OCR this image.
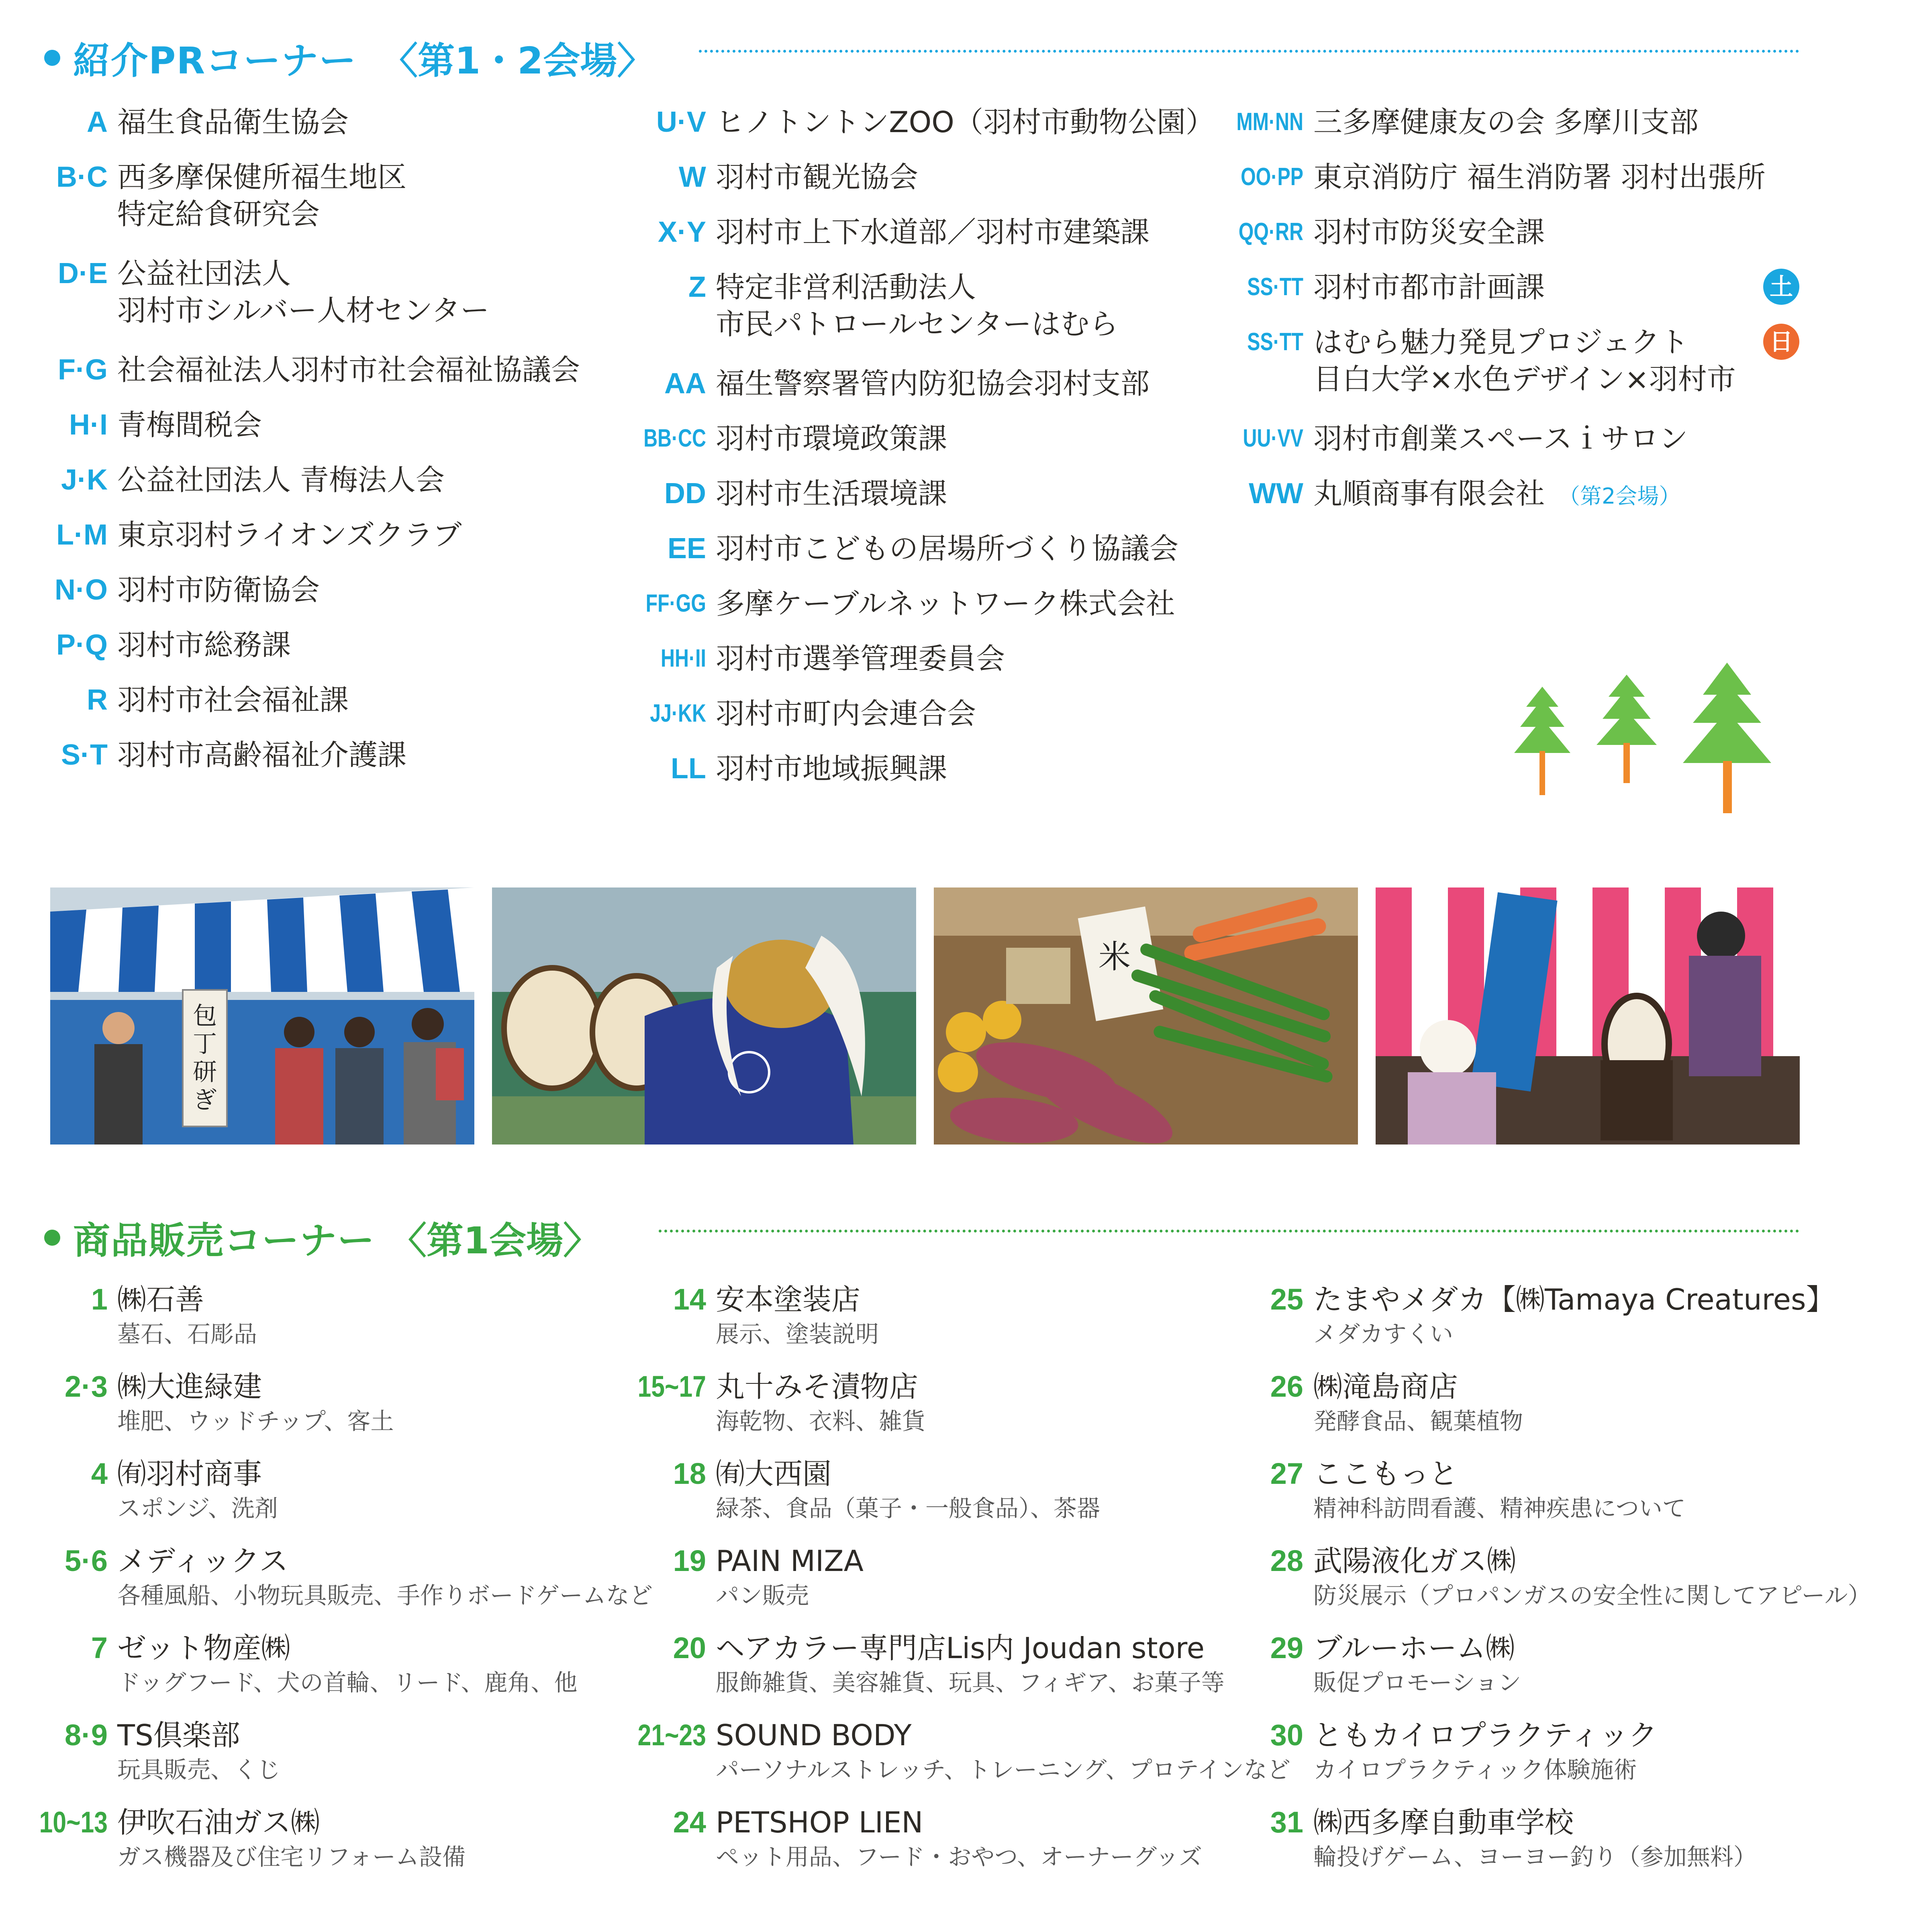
紹介PRコーナー 〈第1・2会場〉
A 福生食品衛生協会
B·C 西多摩保健所福生地区
特定給食研究会
D·E 公益社団法人
羽村市シルバー人材センター
F·G 社会福祉法人羽村市社会福祉協議会
H·I 青梅間税会
J·K 公益社団法人 青梅法人会
L·M 東京羽村ライオンズクラブ
N·O 羽村市防衛協会
P·Q 羽村市総務課
R 羽村市社会福祉課
S·T 羽村市高齢福祉介護課
U·V ヒノトントンZOO（羽村市動物公園）
W 羽村市観光協会
X·Y 羽村市上下水道部／羽村市建築課
Z 特定非営利活動法人
市民パトロールセンターはむら
AA 福生警察署管内防犯協会羽村支部
BB·CC 羽村市環境政策課
DD 羽村市生活環境課
EE 羽村市こどもの居場所づくり協議会
FF·GG 多摩ケーブルネットワーク株式会社
HH·II 羽村市選挙管理委員会
JJ·KK 羽村市町内会連合会
LL 羽村市地域振興課
MM·NN 三多摩健康友の会 多摩川支部
OO·PP 東京消防庁 福生消防署 羽村出張所
QQ·RR 羽村市防災安全課
SS·TT 羽村市都市計画課	土
SS·TT はむら魅力発見プロジェクト
目白大学×水色デザイン×羽村市
日
UU·VV 羽村市創業スペースｉサロン
WW 丸順商事有限会社 （第2会場）
包
丁
研
ぎ
米
商品販売コーナー 〈第1会場〉
1 ㈱石善
墓石、石彫品
2·3 ㈱大進緑建
堆肥、ウッドチップ、客土
4 ㈲羽村商事
スポンジ、洗剤
5·6 メディックス
各種風船、小物玩具販売、手作りボードゲームなど
7 ゼット物産㈱
ドッグフード、犬の首輪、リード、鹿角、他
8·9 TS倶楽部
玩具販売、くじ
10~13 伊吹石油ガス㈱
ガス機器及び住宅リフォーム設備
14 安本塗装店
展示、塗装説明
15~17 丸十みそ漬物店
海乾物、衣料、雑貨
18 ㈲大西園
緑茶、食品（菓子・一般食品）、茶器
19 PAIN MIZA
パン販売
20 ヘアカラー専門店Lis内 Joudan store
服飾雑貨、美容雑貨、玩具、フィギア、お菓子等
21~23 SOUND BODY
パーソナルストレッチ、トレーニング、プロテインなど
24 PETSHOP LIEN
ペット用品、フード・おやつ、オーナーグッズ
25 たまやメダカ【㈱Tamaya Creatures】
メダカすくい
26 ㈱滝島商店
発酵食品、観葉植物
27 ここもっと
精神科訪問看護、精神疾患について
28 武陽液化ガス㈱
防災展示（プロパンガスの安全性に関してアピール）
29 ブルーホーム㈱
販促プロモーション
30 ともカイロプラクティック
カイロプラクティック体験施術
31 ㈱西多摩自動車学校
輪投げゲーム、ヨーヨー釣り（参加無料）
